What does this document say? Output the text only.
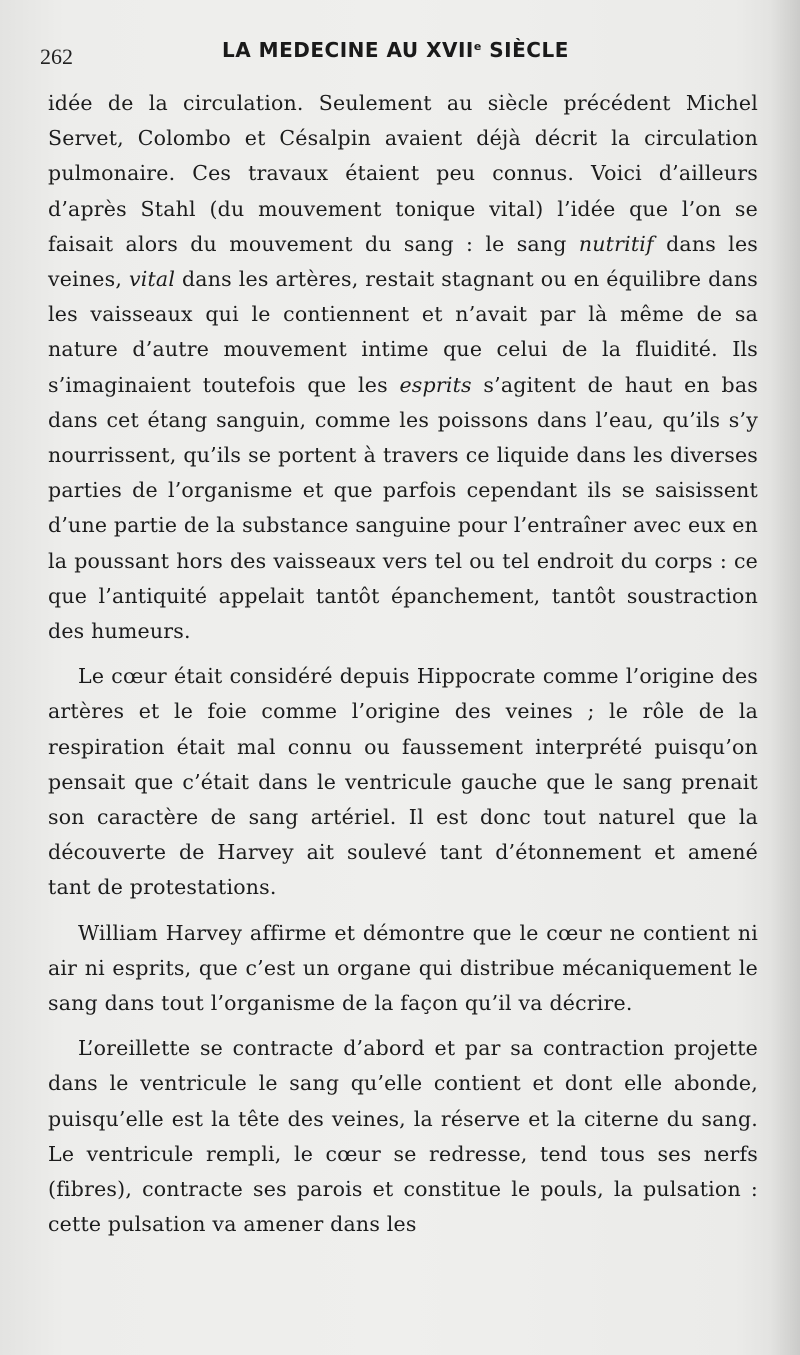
262	LA MEDECINE AU XVIIe SIÈCLE

idée de la circulation. Seulement au siècle précédent Michel Servet, Colombo et Césalpin avaient déjà décrit la circulation pulmonaire. Ces travaux étaient peu connus. Voici d’ailleurs d’après Stahl (du mouvement tonique vital) l’idée que l’on se faisait alors du mouvement du sang : le sang nutritif dans les veines, vital dans les artères, restait stagnant ou en équilibre dans les vaisseaux qui le contiennent et n’avait par là même de sa nature d’autre mouvement intime que celui de la fluidité. Ils s’imaginaient toutefois que les esprits s’agitent de haut en bas dans cet étang sanguin, comme les poissons dans l’eau, qu’ils s’y nourrissent, qu’ils se portent à travers ce liquide dans les diverses parties de l’organisme et que parfois cependant ils se saisissent d’une partie de la substance sanguine pour l’entraîner avec eux en la poussant hors des vaisseaux vers tel ou tel endroit du corps : ce que l’antiquité appelait tantôt épanchement, tantôt soustraction des humeurs.

Le cœur était considéré depuis Hippocrate comme l’origine des artères et le foie comme l’origine des veines ; le rôle de la respiration était mal connu ou faussement interprété puisqu’on pensait que c’était dans le ventricule gauche que le sang prenait son caractère de sang artériel. Il est donc tout naturel que la découverte de Harvey ait soulevé tant d’étonnement et amené tant de protestations.

William Harvey affirme et démontre que le cœur ne contient ni air ni esprits, que c’est un organe qui distribue mécaniquement le sang dans tout l’organisme de la façon qu’il va décrire.

L’oreillette se contracte d’abord et par sa contraction projette dans le ventricule le sang qu’elle contient et dont elle abonde, puisqu’elle est la tête des veines, la réserve et la citerne du sang. Le ventricule rempli, le cœur se redresse, tend tous ses nerfs (fibres), contracte ses parois et constitue le pouls, la pulsation : cette pulsation va amener dans les
